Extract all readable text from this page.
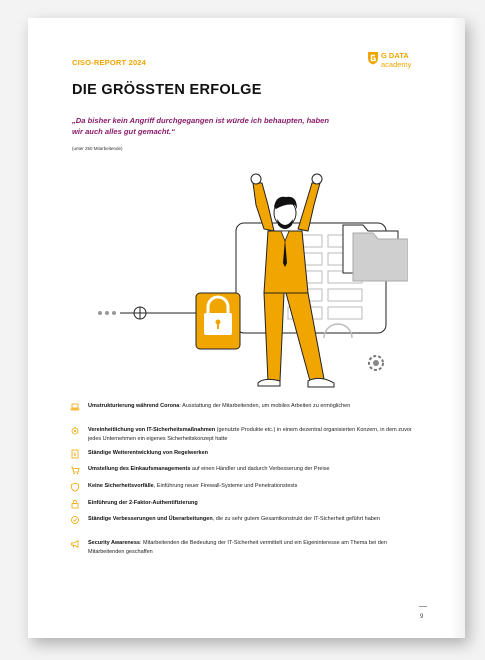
CISO-REPORT 2024
G DATA
academy
DIE GRÖSSTEN ERFOLGE
„Da bisher kein Angriff durchgegangen ist würde ich behaupten, haben wir auch alles gut gemacht.“
(unter 250 Mitarbeitende)
Umstrukturierung während Corona: Ausstattung der Mitarbeitenden, um mobiles Arbeiten zu ermöglichen
Vereinheitlichung von IT-Sicherheitsmaßnahmen (genutzte Produkte etc.) in einem dezentral organisierten Konzern, in dem zuvor jedes Unternehmen ein eigenes Sicherheitskonzept hatte
$ Ständige Weiterentwicklung von Regelwerken
Umstellung des Einkaufsmanagements auf einen Händler und dadurch Verbesserung der Preise
Keine Sicherheitsvorfälle, Einführung neuer Firewall-Systeme und Penetrationstests
Einführung der 2-Faktor-Authentifizierung
Ständige Verbesserungen und Überarbeitungen, die zu sehr gutem Gesamtkonstrukt der IT-Sicherheit geführt haben
Security Awareness: Mitarbeitenden die Bedeutung der IT-Sicherheit vermittelt und ein Eigeninteresse am Thema bei den Mitarbeitenden geschaffen
9
